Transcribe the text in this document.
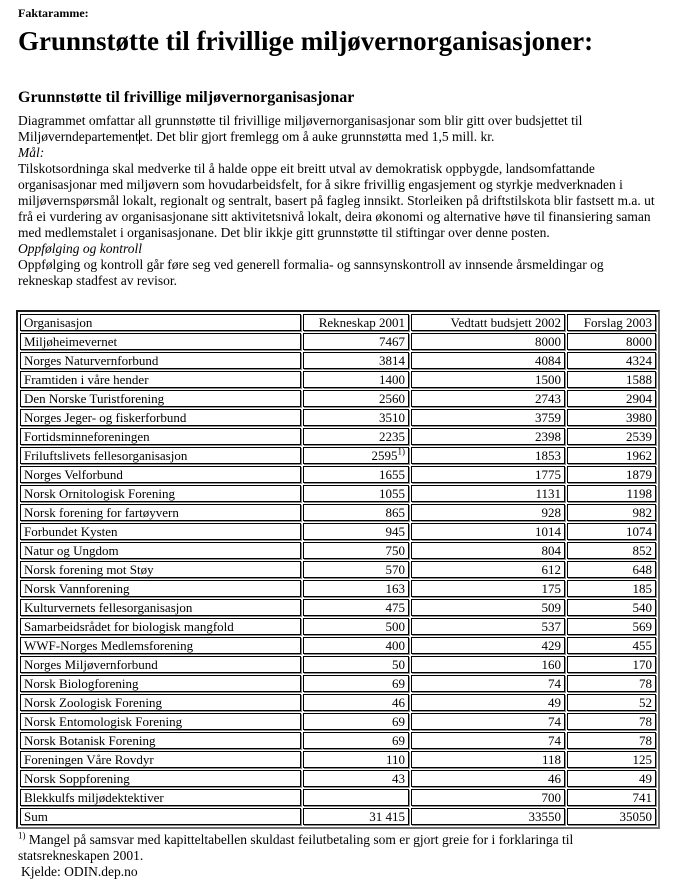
Faktaramme:

Grunnstøtte til frivillige miljøvernorganisasjoner:
Grunnstøtte til frivillige miljøvernorganisasjonar

Diagrammet omfattar all grunnstøtte til frivillige miljøvernorganisasjonar som blir gitt over budsjettet til Miljøverndepartementet. Det blir gjort fremlegg om å auke grunnstøtta med 1,5 mill. kr.

Mål:

Tilskotsordninga skal medverke til å halde oppe eit breitt utval av demokratisk oppbygde, landsomfattande organisasjonar med miljøvern som hovudarbeidsfelt, for å sikre frivillig engasjement og styrkje medverknaden i miljøvernspørsmål lokalt, regionalt og sentralt, basert på fagleg innsikt. Storleiken på driftstilskota blir fastsett m.a. ut frå ei vurdering av organisasjonane sitt aktivitetsnivå lokalt, deira økonomi og alternative høve til finansiering saman med medlemstalet i organisasjonane. Det blir ikkje gitt grunnstøtte til stiftingar over denne posten.

Oppfølging og kontroll

Oppfølging og kontroll går føre seg ved generell formalia- og sannsynskontroll av innsende årsmeldingar og rekneskap stadfest av revisor.

Organisasjon	Rekneskap 2001	Vedtatt budsjett 2002	Forslag 2003
Miljøheimevernet	7467	8000	8000
Norges Naturvernforbund	3814	4084	4324
Framtiden i våre hender	1400	1500	1588
Den Norske Turistforening	2560	2743	2904
Norges Jeger- og fiskerforbund	3510	3759	3980
Fortidsminneforeningen	2235	2398	2539
Friluftslivets fellesorganisasjon	2595$^{1)}$	1853	1962
Norges Velforbund	1655	1775	1879
Norsk Ornitologisk Forening	1055	1131	1198
Norsk forening for fartøyvern	865	928	982
Forbundet Kysten	945	1014	1074
Natur og Ungdom	750	804	852
Norsk forening mot Støy	570	612	648
Norsk Vannforening	163	175	185
Kulturvernets fellesorganisasjon	475	509	540
Samarbeidsrådet for biologisk mangfold	500	537	569
WWF-Norges Medlemsforening	400	429	455
Norges Miljøvernforbund	50	160	170
Norsk Biologforening	69	74	78
Norsk Zoologisk Forening	46	49	52
Norsk Entomologisk Forening	69	74	78
Norsk Botanisk Forening	69	74	78
Foreningen Våre Rovdyr	110	118	125
Norsk Soppforening	43	46	49
Blekkulfs miljødektektiver		700	741
Sum	31 415	33550	35050

$^{1)}$ Mangel på samsvar med kapitteltabellen skuldast feilutbetaling som er gjort greie for i forklaringa til statsrekneskapen 2001.

Kjelde: ODIN.dep.no
